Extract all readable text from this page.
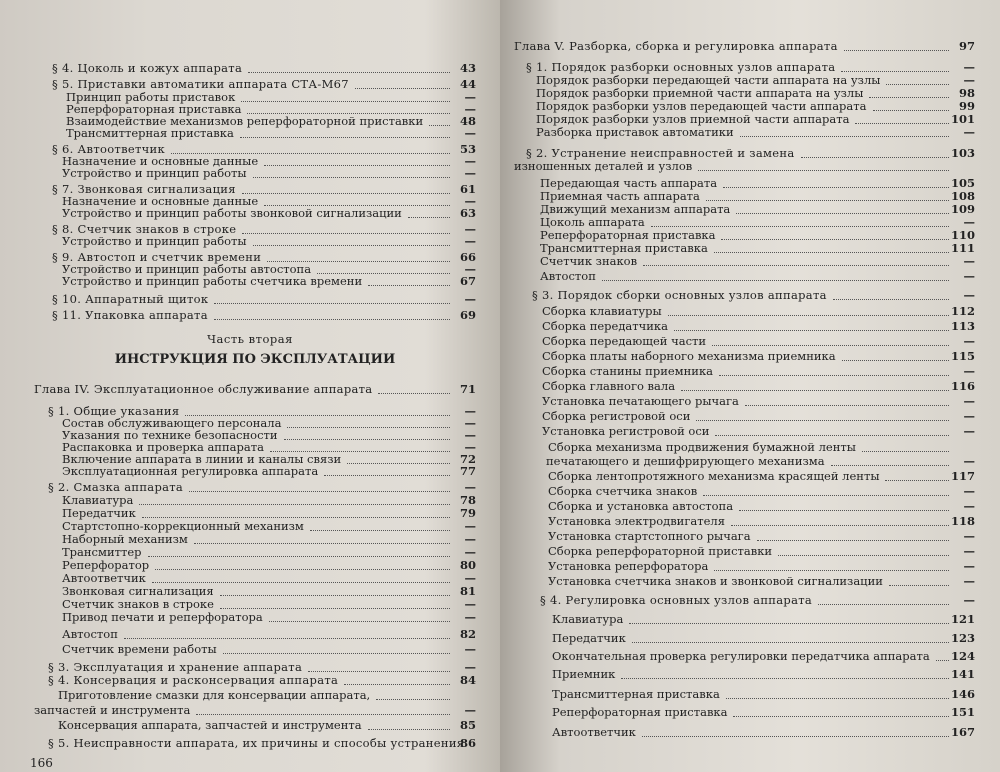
Часть вторая
ИНСТРУКЦИЯ ПО ЭКСПЛУАТАЦИИ
166
§ 4. Цоколь и кожух аппарата	43
§ 5. Приставки автоматики аппарата СТА-М67	44
Принцип работы приставок	—
Реперфораторная приставка	—
Взаимодействие механизмов реперфораторной приставки	48
Трансмиттерная приставка	—
§ 6. Автоответчик	53
Назначение и основные данные	—
Устройство и принцип работы	—
§ 7. Звонковая сигнализация	61
Назначение и основные данные	—
Устройство и принцип работы звонковой сигнализации	63
§ 8. Счетчик знаков в строке	—
Устройство и принцип работы	—
§ 9. Автостоп и счетчик времени	66
Устройство и принцип работы автостопа	—
Устройство и принцип работы счетчика времени	67
§ 10. Аппаратный щиток	—
§ 11. Упаковка аппарата	69
Глава IV. Эксплуатационное обслуживание аппарата	71
§ 1. Общие указания	—
Состав обслуживающего персонала	—
Указания по технике безопасности	—
Распаковка и проверка аппарата	—
Включение аппарата в линии и каналы связи	72
Эксплуатационная регулировка аппарата	77
§ 2. Смазка аппарата	—
Клавиатура	78
Передатчик	79
Стартстопно-коррекционный механизм	—
Наборный механизм	—
Трансмиттер	—
Реперфоратор	80
Автоответчик	—
Звонковая сигнализация	81
Счетчик знаков в строке	—
Привод печати и реперфоратора	—
Автостоп	82
Счетчик времени работы	—
§ 3. Эксплуатация и хранение аппарата	—
§ 4. Консервация и расконсервация аппарата	84
Приготовление смазки для консервации аппарата,
запчастей и инструмента	—
Консервация аппарата, запчастей и инструмента	85
§ 5. Неисправности аппарата, их причины и способы устранения
86
Глава V. Разборка, сборка и регулировка аппарата	97
§ 1. Порядок разборки основных узлов аппарата	—
Порядок разборки передающей части аппарата на узлы	—
Порядок разборки приемной части аппарата на узлы	98
Порядок разборки узлов передающей части аппарата	99
Порядок разборки узлов приемной части аппарата	101
Разборка приставок автоматики	—
§ 2. Устранение неисправностей и замена	103
изношенных деталей и узлов
Передающая часть аппарата	105
Приемная часть аппарата	108
Движущий механизм аппарата	109
Цоколь аппарата	—
Реперфораторная приставка	110
Трансмиттерная приставка	111
Счетчик знаков	—
Автостоп	—
§ 3. Порядок сборки основных узлов аппарата	—
Сборка клавиатуры	112
Сборка передатчика	113
Сборка передающей части	—
Сборка платы наборного механизма приемника	115
Сборка станины приемника	—
Сборка главного вала	116
Установка печатающего рычага	—
Сборка регистровой оси	—
Установка регистровой оси	—
Сборка механизма продвижения бумажной ленты
печатающего и дешифрирующего механизма	—
Сборка лентопротяжного механизма красящей ленты	117
Сборка счетчика знаков	—
Сборка и установка автостопа	—
Установка электродвигателя	118
Установка стартстопного рычага	—
Сборка реперфораторной приставки	—
Установка реперфоратора	—
Установка счетчика знаков и звонковой сигнализации	—
§ 4. Регулировка основных узлов аппарата	—
Клавиатура	121
Передатчик	123
Окончательная проверка регулировки передатчика аппарата	124
Приемник	141
Трансмиттерная приставка	146
Реперфораторная приставка	151
Автоответчик	167
